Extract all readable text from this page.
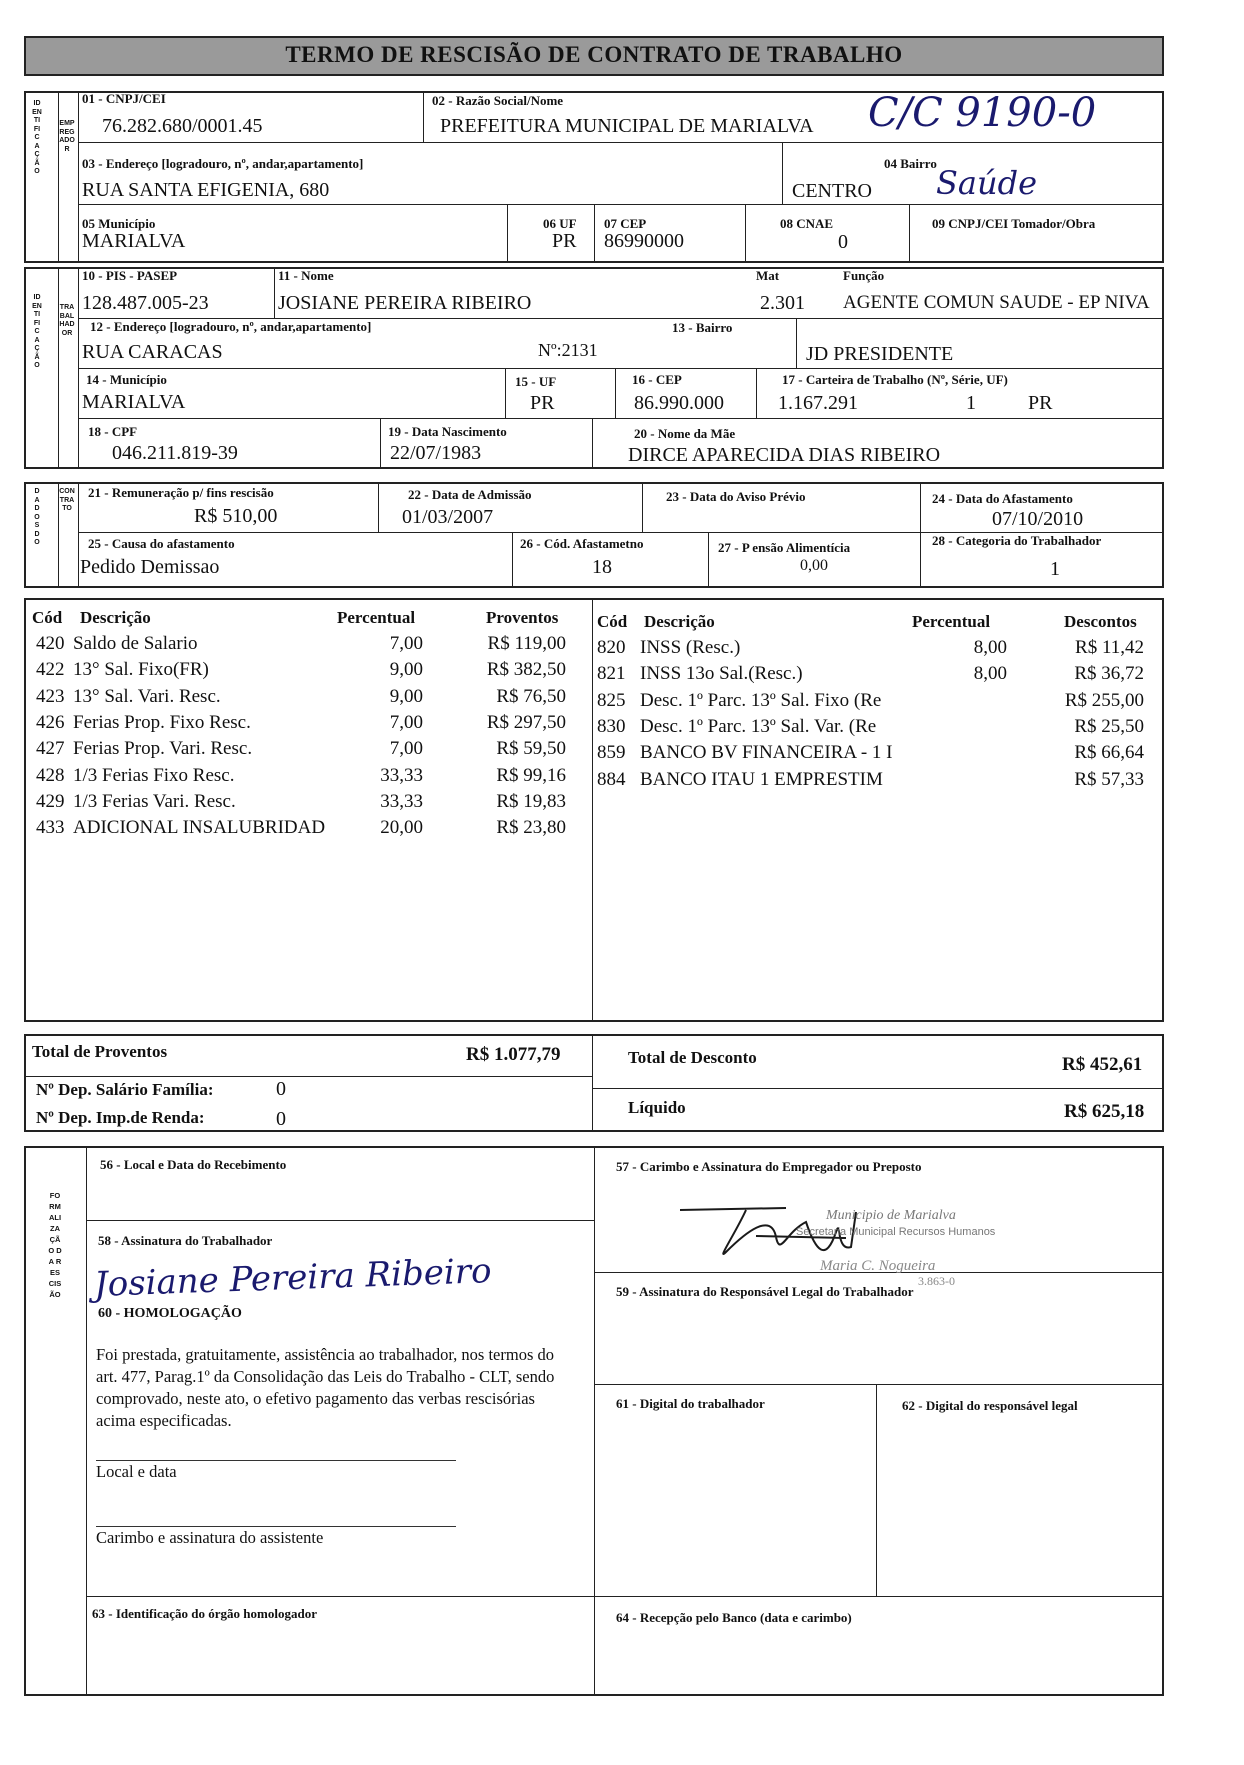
TERMO DE RESCISÃO DE CONTRATO DE TRABALHO
IDENTIFICAÇÃO
EMPREGADOR
01 - CNPJ/CEI
76.282.680/0001.45
02 - Razão Social/Nome
PREFEITURA MUNICIPAL DE MARIALVA C/C 9190-0
03 - Endereço [logradouro, nº, andar,apartamento]
RUA SANTA EFIGENIA, 680
04 Bairro
CENTRO Saúde
05 Município
MARIALVA
06 UF
PR
07 CEP
86990000
08 CNAE
0
09 CNPJ/CEI Tomador/Obra
IDENTIFICAÇÃO
TRABALHADOR
10 - PIS - PASEP
128.487.005-23
11 - Nome
JOSIANE PEREIRA RIBEIRO
Mat
2.301
Função
AGENTE COMUN SAUDE - EP NIVA
12 - Endereço [logradouro, nº, andar,apartamento]
RUA CARACAS	Nº:2131
13 - Bairro
JD PRESIDENTE
14 - Município
MARIALVA
15 - UF
PR
16 - CEP
86.990.000
17 - Carteira de Trabalho (Nº, Série, UF)
1.167.291	1	PR
18 - CPF
046.211.819-39
19 - Data Nascimento
22/07/1983
20 - Nome da Mãe
DIRCE APARECIDA DIAS RIBEIRO
DADOS DO
CONTRATO
21 - Remuneração p/ fins rescisão
R$ 510,00
22 - Data de Admissão
01/03/2007
23 - Data do Aviso Prévio	24 - Data do Afastamento
07/10/2010
25 - Causa do afastamento
Pedido Demissao
26 - Cód. Afastametno
18
27 - P ensão Alimentícia
0,00
28 - Categoria do Trabalhador
1
Cód Descrição	Percentual	Proventos
420 Saldo de Salario	7,00	R$ 119,00
422 13° Sal. Fixo(FR)	9,00	R$ 382,50
423 13° Sal. Vari. Resc.	9,00	R$ 76,50
426 Ferias Prop. Fixo Resc.	7,00	R$ 297,50
427 Ferias Prop. Vari. Resc.	7,00	R$ 59,50
428 1/3 Ferias Fixo Resc.	33,33	R$ 99,16
429 1/3 Ferias Vari. Resc.	33,33	R$ 19,83
433 ADICIONAL INSALUBRIDAD	20,00	R$ 23,80
Cód Descrição	Percentual	Descontos
820 INSS (Resc.)	8,00	R$ 11,42
821 INSS 13o Sal.(Resc.)	8,00	R$ 36,72
825 Desc. 1º Parc. 13º Sal. Fixo (Re	R$ 255,00
830 Desc. 1º Parc. 13º Sal. Var. (Re	R$ 25,50
859 BANCO BV FINANCEIRA - 1 I	R$ 66,64
884 BANCO ITAU 1 EMPRESTIM	R$ 57,33
Total de Proventos	R$ 1.077,79	Total de Desconto	R$ 452,61
Nº Dep. Salário Família:	0
Nº Dep. Imp.de Renda:	0
Líquido	R$ 625,18
FORMALIZAÇÃO DA RESCISÃO
56 - Local e Data do Recebimento	57 - Carimbo e Assinatura do Empregador ou Preposto
58 - Assinatura do Trabalhador
59 - Assinatura do Responsável Legal do Trabalhador
60 - HOMOLOGAÇÃO
Josiane Pereira Ribeiro
Municipio de Marialva
Secretaria Municipal Recursos Humanos
Maria C. Nogueira
3.863-0
Foi prestada, gratuitamente, assistência ao trabalhador, nos termos do art. 477, Parag.1º da Consolidação das Leis do Trabalho - CLT, sendo comprovado, neste ato, o efetivo pagamento das verbas rescisórias acima especificadas.
Local e data
Carimbo e assinatura do assistente
61 - Digital do trabalhador	62 - Digital do responsável legal
63 - Identificação do órgão homologador	64 - Recepção pelo Banco (data e carimbo)
